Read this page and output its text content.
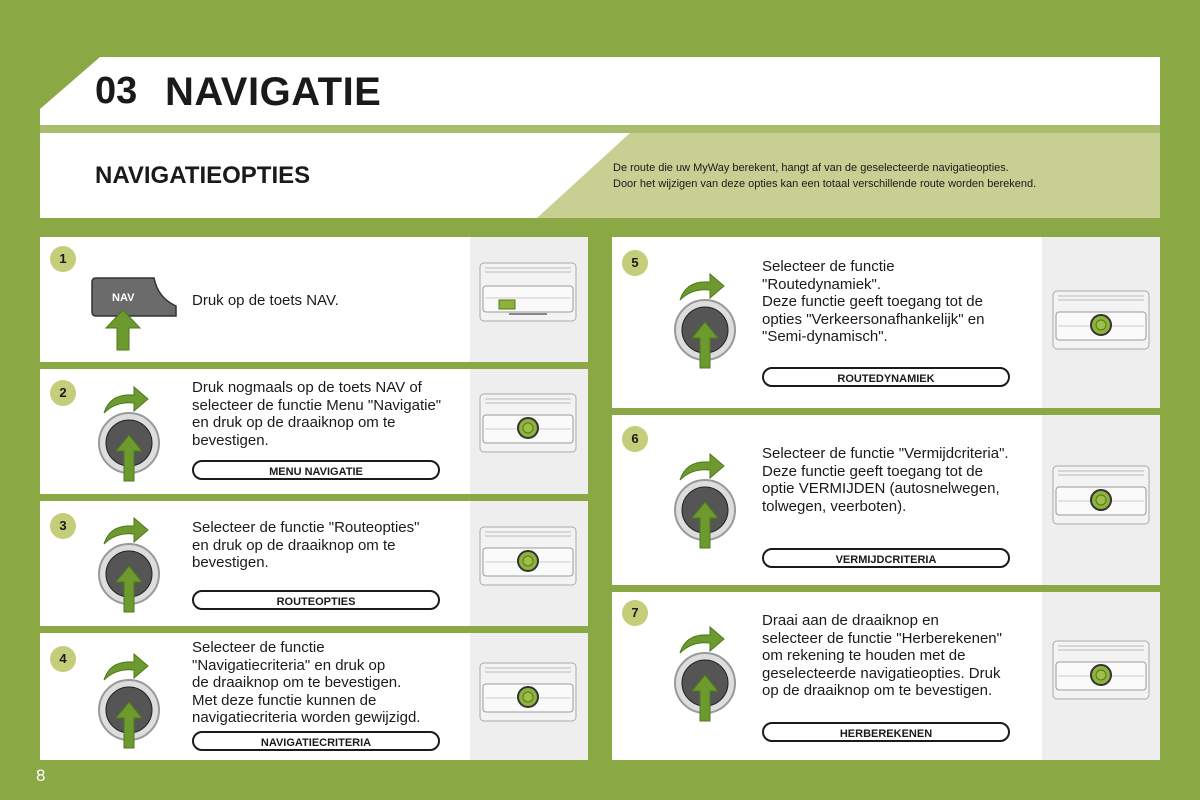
03 NAVIGATIE
NAVIGATIEOPTIES	De route die uw MyWay berekent, hangt af van de geselecteerde navigatieopties.
Door het wijzigen van deze opties kan een totaal verschillende route worden berekend.
1
NAV	Druk op de toets NAV.
2	Druk nogmaals op de toets NAV of
selecteer de functie Menu "Navigatie"
en druk op de draaiknop om te
bevestigen.
MENU NAVIGATIE
3	Selecteer de functie "Routeopties"
en druk op de draaiknop om te
bevestigen.
ROUTEOPTIES
4
Selecteer de functie
"Navigatiecriteria" en druk op
de draaiknop om te bevestigen.
Met deze functie kunnen de
navigatiecriteria worden gewijzigd.
NAVIGATIECRITERIA
5	Selecteer de functie
"Routedynamiek".
Deze functie geeft toegang tot de
opties "Verkeersonafhankelijk" en
"Semi-dynamisch".
ROUTEDYNAMIEK
6
Selecteer de functie "Vermijdcriteria".
Deze functie geeft toegang tot de
optie VERMIJDEN (autosnelwegen,
tolwegen, veerboten).
VERMIJDCRITERIA
7	Draai aan de draaiknop en
selecteer de functie "Herberekenen"
om rekening te houden met de
geselecteerde navigatieopties. Druk
op de draaiknop om te bevestigen.
HERBEREKENEN
8
